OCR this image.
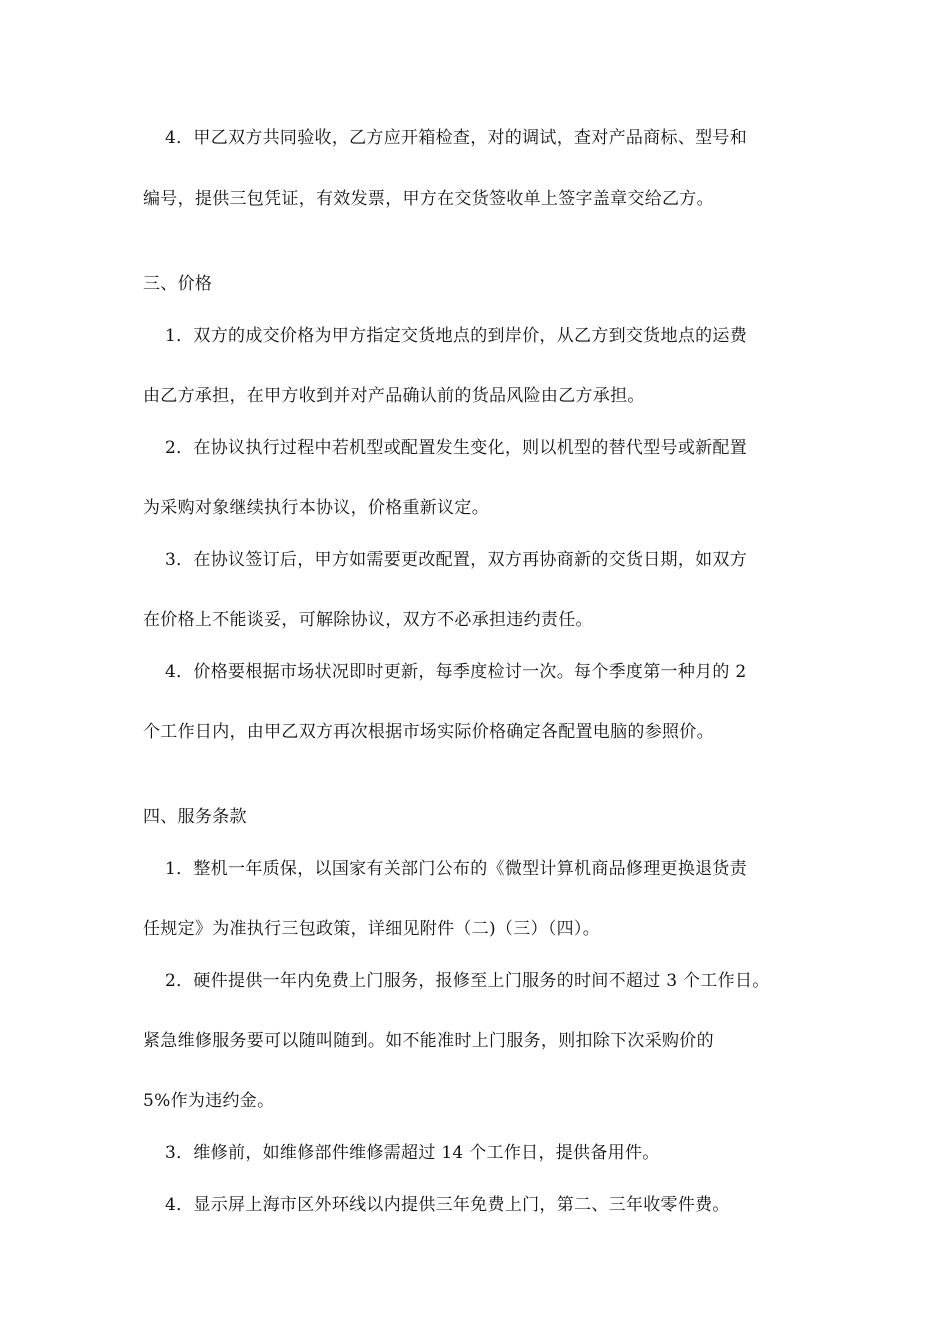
4．甲乙双方共同验收，乙方应开箱检查，对的调试，查对产品商标、型号和
编号，提供三包凭证，有效发票，甲方在交货签收单上签字盖章交给乙方。
三、价格
1．双方的成交价格为甲方指定交货地点的到岸价，从乙方到交货地点的运费
由乙方承担，在甲方收到并对产品确认前的货品风险由乙方承担。
2．在协议执行过程中若机型或配置发生变化，则以机型的替代型号或新配置
为采购对象继续执行本协议，价格重新议定。
3．在协议签订后，甲方如需要更改配置，双方再协商新的交货日期，如双方
在价格上不能谈妥，可解除协议，双方不必承担违约责任。
4．价格要根据市场状况即时更新，每季度检讨一次。每个季度第一种月的 2
个工作日内，由甲乙双方再次根据市场实际价格确定各配置电脑的参照价。
四、服务条款
1．整机一年质保，以国家有关部门公布的《微型计算机商品修理更换退货责
任规定》为准执行三包政策，详细见附件（二)（三）（四）。
2．硬件提供一年内免费上门服务，报修至上门服务的时间不超过 3 个工作日。
紧急维修服务要可以随叫随到。如不能准时上门服务，则扣除下次采购价的
5%作为违约金。
3．维修前，如维修部件维修需超过 14 个工作日，提供备用件。
4．显示屏上海市区外环线以内提供三年免费上门，第二、三年收零件费。
